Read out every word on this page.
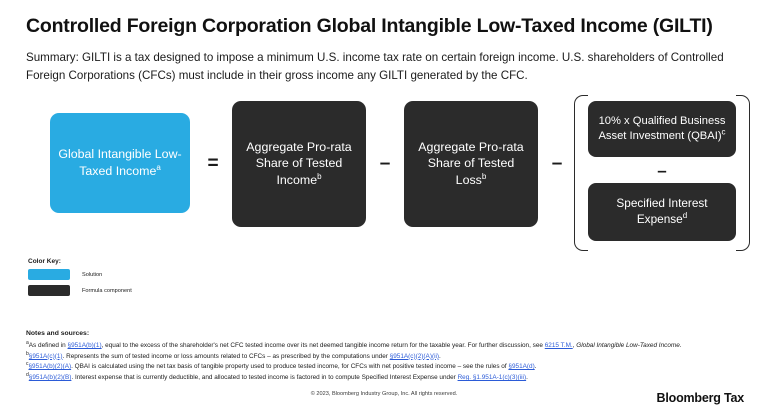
Controlled Foreign Corporation Global Intangible Low-Taxed Income (GILTI)

Summary: GILTI is a tax designed to impose a minimum U.S. income tax rate on certain foreign income. U.S. shareholders of Controlled Foreign Corporations (CFCs) must include in their gross income any GILTI generated by the CFC.

Global Intangible Low-Taxed Income$^a$	=
Aggregate Pro-rata Share of Tested Income$^b$
–
Aggregate Pro-rata Share of Tested Loss$^b$
–
10% x Qualified Business Asset Investment (QBAI)$^c$
–
Specified Interest Expense$^d$
Color Key:
Solution
Formula component
Notes and sources:
$^a$As defined in §951A(b)(1), equal to the excess of the shareholder's net CFC tested income over its net deemed tangible income return for the taxable year. For further discussion, see 6215 T.M., Global Intangible Low-Taxed Income.
$^b$§951A(c)(1). Represents the sum of tested income or loss amounts related to CFCs – as prescribed by the computations under §951A(c)(2)(A)(ii).
$^c$§951A(b)(2)(A). QBAI is calculated using the net tax basis of tangible property used to produce tested income, for CFCs with net positive tested income – see the rules of §951A(d).
$^d$§951A(b)(2)(B). Interest expense that is currently deductible, and allocated to tested income is factored in to compute Specified Interest Expense under Reg. §1.951A-1(c)(3)(iii).
© 2023, Bloomberg Industry Group, Inc. All rights reserved.	Bloomberg Tax
